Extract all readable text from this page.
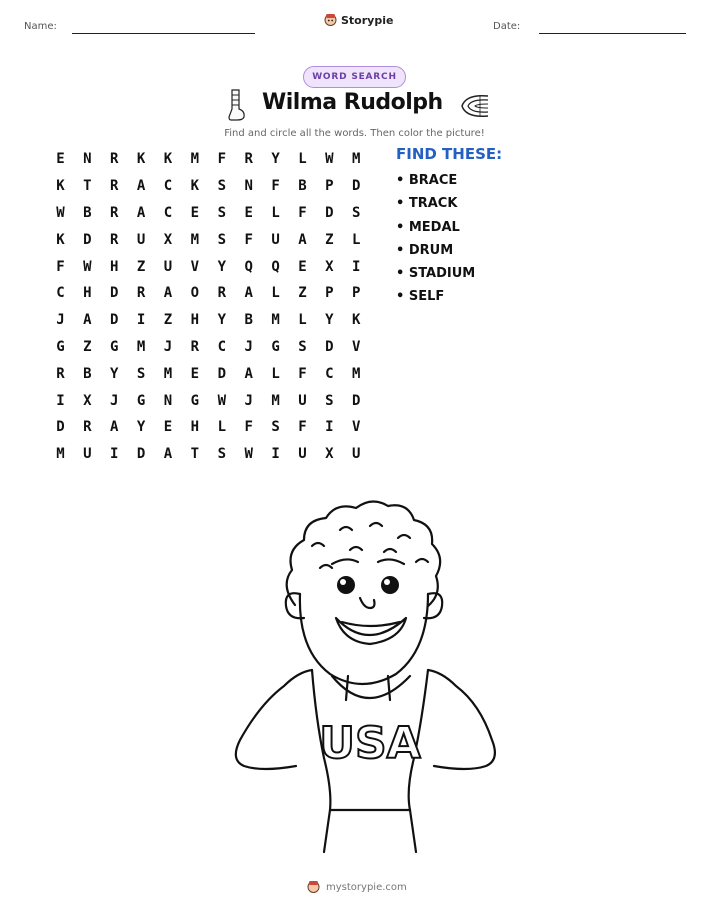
Name:	Storypie	Date:
WORD SEARCH
Wilma Rudolph
Find and circle all the words. Then color the picture!
E	N	R	K	K	M	F	R	Y	L	W	M
K	T	R	A	C	K	S	N	F	B	P	D
W	B	R	A	C	E	S	E	L	F	D	S
K	D	R	U	X	M	S	F	U	A	Z	L
F	W	H	Z	U	V	Y	Q	Q	E	X	I
C	H	D	R	A	O	R	A	L	Z	P	P
J	A	D	I	Z	H	Y	B	M	L	Y	K
G	Z	G	M	J	R	C	J	G	S	D	V
R	B	Y	S	M	E	D	A	L	F	C	M
I	X	J	G	N	G	W	J	M	U	S	D
D	R	A	Y	E	H	L	F	S	F	I	V
M	U	I	D	A	T	S	W	I	U	X	U
FIND THESE:
• BRACE
• TRACK
• MEDAL
• DRUM
• STADIUM
• SELF
USA
mystorypie.com
